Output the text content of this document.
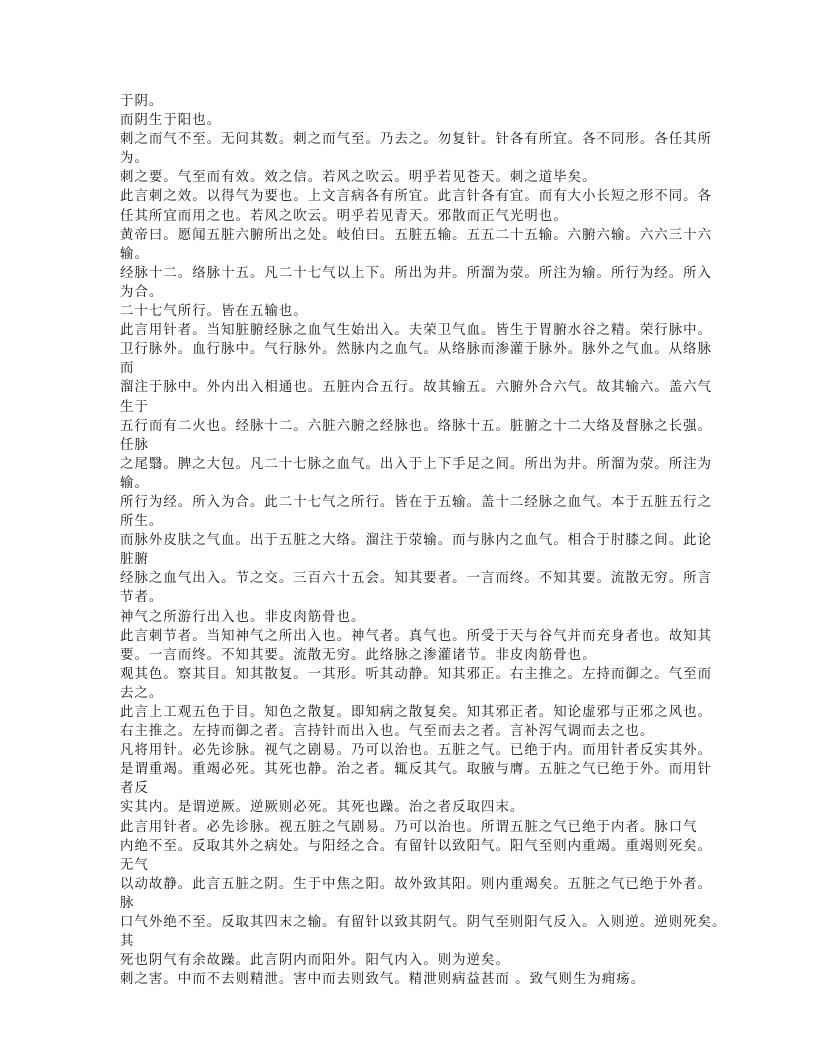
于阴。
而阴生于阳也。
刺之而气不至。无问其数。刺之而气至。乃去之。勿复针。针各有所宜。各不同形。各任其所
为。
刺之要。气至而有效。效之信。若风之吹云。明乎若见苍天。刺之道毕矣。
此言刺之效。以得气为要也。上文言病各有所宜。此言针各有宜。而有大小长短之形不同。各
任其所宜而用之也。若风之吹云。明乎若见青天。邪散而正气光明也。
黄帝曰。愿闻五脏六腑所出之处。岐伯曰。五脏五输。五五二十五输。六腑六输。六六三十六
输。
经脉十二。络脉十五。凡二十七气以上下。所出为井。所溜为荥。所注为输。所行为经。所入
为合。
二十七气所行。皆在五输也。
此言用针者。当知脏腑经脉之血气生始出入。夫荣卫气血。皆生于胃腑水谷之精。荣行脉中。
卫行脉外。血行脉中。气行脉外。然脉内之血气。从络脉而渗灌于脉外。脉外之气血。从络脉
而
溜注于脉中。外内出入相通也。五脏内合五行。故其输五。六腑外合六气。故其输六。盖六气
生于
五行而有二火也。经脉十二。六脏六腑之经脉也。络脉十五。脏腑之十二大络及督脉之长强。
任脉
之尾翳。脾之大包。凡二十七脉之血气。出入于上下手足之间。所出为井。所溜为荥。所注为
输。
所行为经。所入为合。此二十七气之所行。皆在于五输。盖十二经脉之血气。本于五脏五行之
所生。
而脉外皮肤之气血。出于五脏之大络。溜注于荥输。而与脉内之血气。相合于肘膝之间。此论
脏腑
经脉之血气出入。节之交。三百六十五会。知其要者。一言而终。不知其要。流散无穷。所言
节者。
神气之所游行出入也。非皮肉筋骨也。
此言刺节者。当知神气之所出入也。神气者。真气也。所受于天与谷气并而充身者也。故知其
要。一言而终。不知其要。流散无穷。此络脉之渗灌诸节。非皮肉筋骨也。
观其色。察其目。知其散复。一其形。听其动静。知其邪正。右主推之。左持而御之。气至而
去之。
此言上工观五色于目。知色之散复。即知病之散复矣。知其邪正者。知论虚邪与正邪之风也。
右主推之。左持而御之者。言持针而出入也。气至而去之者。言补泻气调而去之也。
凡将用针。必先诊脉。视气之剧易。乃可以治也。五脏之气。已绝于内。而用针者反实其外。
是谓重竭。重竭必死。其死也静。治之者。辄反其气。取腋与膺。五脏之气已绝于外。而用针
者反
实其内。是谓逆厥。逆厥则必死。其死也躁。治之者反取四末。
此言用针者。必先诊脉。视五脏之气剧易。乃可以治也。所谓五脏之气已绝于内者。脉口气
内绝不至。反取其外之病处。与阳经之合。有留针以致阳气。阳气至则内重竭。重竭则死矣。
无气
以动故静。此言五脏之阴。生于中焦之阳。故外致其阳。则内重竭矣。五脏之气已绝于外者。
脉
口气外绝不至。反取其四末之输。有留针以致其阴气。阴气至则阳气反入。入则逆。逆则死矣。
其
死也阴气有余故躁。此言阴内而阳外。阳气内入。则为逆矣。
刺之害。中而不去则精泄。害中而去则致气。精泄则病益甚而 。致气则生为痈疡。
